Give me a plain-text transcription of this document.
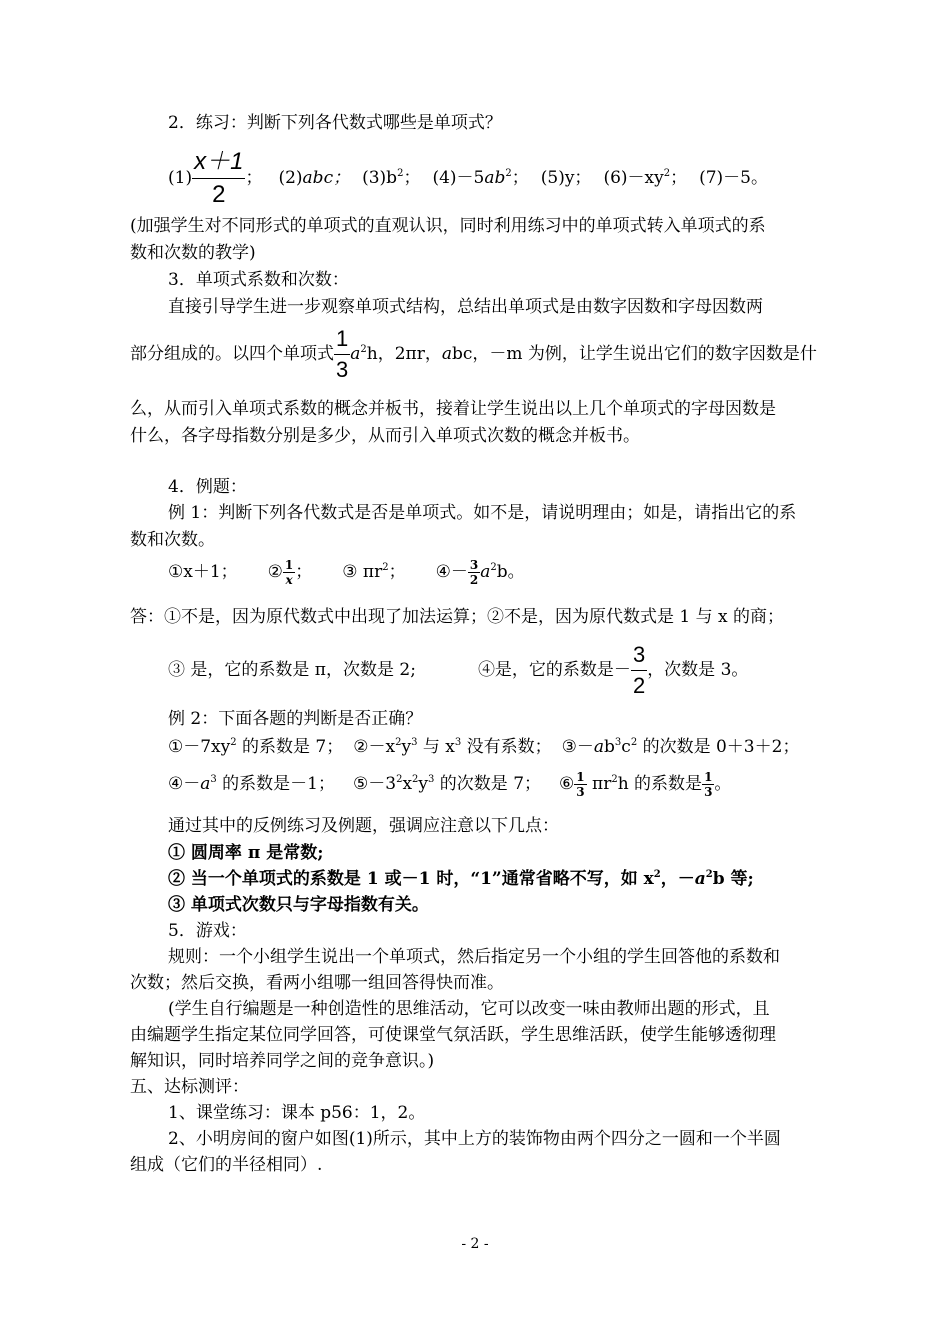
2．练习：判断下列各代数式哪些是单项式？
$(1) \frac{x+1}{2}$ ； (2)abc； $(3)b^2$； $(4)-5ab^2$； (5)y； $(6)-xy^2$； (7)－5。
(加强学生对不同形式的单项式的直观认识，同时利用练习中的单项式转入单项式的系
数和次数的教学)
3．单项式系数和次数：
直接引导学生进一步观察单项式结构，总结出单项式是由数字因数和字母因数两
部分组成的。以四个单项式 $\frac{1}{3} a^2h$，2πr，abc，－m 为例，让学生说出它们的数字因数是什
么，从而引入单项式系数的概念并板书，接着让学生说出以上几个单项式的字母因数是
什么，各字母指数分别是多少，从而引入单项式次数的概念并板书。
4．例题：
例 1：判断下列各代数式是否是单项式。如不是，请说明理由；如是，请指出它的系
数和次数。
①x＋1； ② $\frac{1}{x}$ ； ③ $\pi r^2$； ④－ $\frac{3}{2} a^2b$。
答：①不是，因为原代数式中出现了加法运算；②不是，因为原代数式是 1 与 x 的商；
③ 是，它的系数是 π，次数是 2;	④是，它的系数是－ $\frac{3}{2}$ ，次数是 3。
例 2：下面各题的判断是否正确？
$①-7xy^2$ 的系数是 7； $②-x^2y^3$ 与 $x^3$ 没有系数； $③-ab^3c^2$ 的次数是 0＋3＋2；
$④-a^3$ 的系数是－1； $⑤-3^2x^2y^3$ 的次数是 7； ⑥ $\frac{1}{3} \pi r^2h$ 的系数是 $\frac{1}{3}$ 。
通过其中的反例练习及例题，强调应注意以下几点：
① 圆周率 π 是常数;
② 当一个单项式的系数是 1 或－1 时，“1”通常省略不写，如 $x^2$，$-a^2b$ 等;
③ 单项式次数只与字母指数有关。
5．游戏：
规则：一个小组学生说出一个单项式，然后指定另一个小组的学生回答他的系数和
次数；然后交换，看两小组哪一组回答得快而准。
(学生自行编题是一种创造性的思维活动，它可以改变一味由教师出题的形式，且
由编题学生指定某位同学回答，可使课堂气氛活跃，学生思维活跃，使学生能够透彻理
解知识，同时培养同学之间的竞争意识。)
五、达标测评：
1、课堂练习：课本 p56：1，2。
2、小明房间的窗户如图(1)所示，其中上方的装饰物由两个四分之一圆和一个半圆
组成（它们的半径相同）.
- 2 -
